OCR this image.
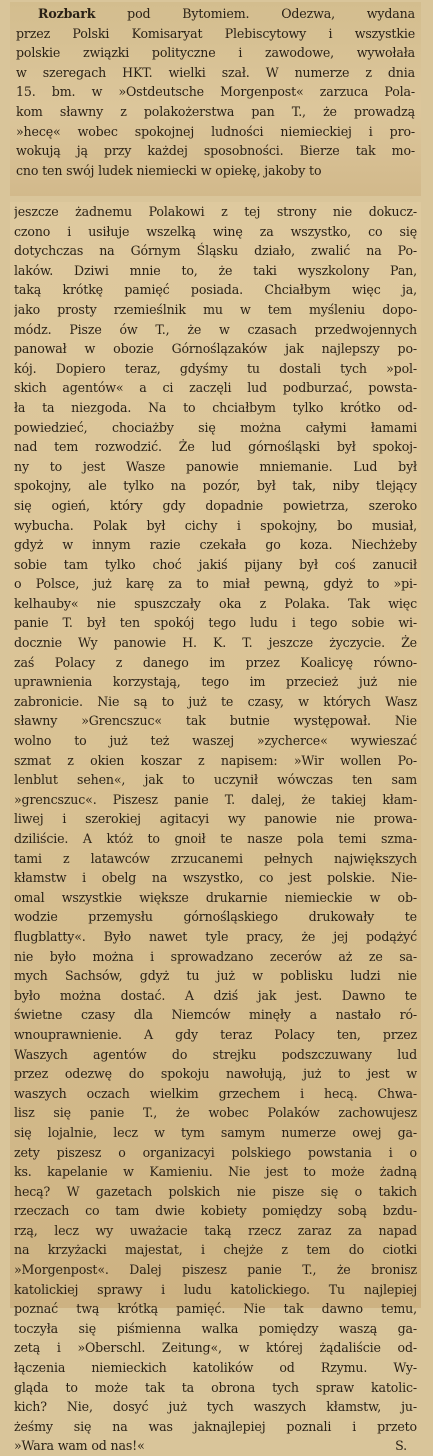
Rozbark pod Bytomiem. Odezwa, wydana
przez Polski Komisaryat Plebiscytowy i wszystkie
polskie związki polityczne i zawodowe, wywołała
w szeregach HKT. wielki szał. W numerze z dnia
15. bm. w »Ostdeutsche Morgenpost« zarzuca Pola-
kom sławny z polakożerstwa pan T., że prowadzą
»hecę« wobec spokojnej ludności niemieckiej i pro-
wokują ją przy każdej sposobności. Bierze tak mo-
cno ten swój ludek niemiecki w opiekę, jakoby to
jeszcze żadnemu Polakowi z tej strony nie dokucz-
czono i usiłuje wszelką winę za wszystko, co się
dotychczas na Górnym Śląsku działo, zwalić na Po-
laków. Dziwi mnie to, że taki wyszkolony Pan,
taką krótkę pamięć posiada. Chciałbym więc ja,
jako prosty rzemieślnik mu w tem myśleniu dopo-
módz. Pisze ów T., że w czasach przedwojennych
panował w obozie Górnoślązaków jak najlepszy po-
kój. Dopiero teraz, gdyśmy tu dostali tych »pol-
skich agentów« a ci zaczęli lud podburzać, powsta-
ła ta niezgoda. Na to chciałbym tylko krótko od-
powiedzieć, chociażby się można całymi łamami
nad tem rozwodzić. Że lud górnośląski był spokoj-
ny to jest Wasze panowie mniemanie. Lud był
spokojny, ale tylko na pozór, był tak, niby tlejący
się ogień, który gdy dopadnie powietrza, szeroko
wybucha. Polak był cichy i spokojny, bo musiał,
gdyż w innym razie czekała go koza. Niechżeby
sobie tam tylko choć jakiś pijany był coś zanucił
o Polsce, już karę za to miał pewną, gdyż to »pi-
kelhauby« nie spuszczały oka z Polaka. Tak więc
panie T. był ten spokój tego ludu i tego sobie wi-
docznie Wy panowie H. K. T. jeszcze życzycie. Że
zaś Polacy z danego im przez Koalicyę równo-
uprawnienia korzystają, tego im przecież już nie
zabronicie. Nie są to już te czasy, w których Wasz
sławny »Grencszuc« tak butnie występował. Nie
wolno to już też waszej »zycherce« wywieszać
szmat z okien koszar z napisem: »Wir wollen Po-
lenblut sehen«, jak to uczynił wówczas ten sam
»grencszuc«. Piszesz panie T. dalej, że takiej kłam-
liwej i szerokiej agitacyi wy panowie nie prowa-
dziliście. A któż to gnoił te nasze pola temi szma-
tami z latawców zrzucanemi pełnych największych
kłamstw i obelg na wszystko, co jest polskie. Nie-
omal wszystkie większe drukarnie niemieckie w ob-
wodzie przemysłu górnośląskiego drukowały te
flugblatty«. Było nawet tyle pracy, że jej podążyć
nie było można i sprowadzano zecerów aż ze sa-
mych Sachsów, gdyż tu już w poblisku ludzi nie
było można dostać. A dziś jak jest. Dawno te
świetne czasy dla Niemców minęły a nastało ró-
wnouprawnienie. A gdy teraz Polacy ten, przez
Waszych agentów do strejku podszczuwany lud
przez odezwę do spokoju nawołują, już to jest w
waszych oczach wielkim grzechem i hecą. Chwa-
lisz się panie T., że wobec Polaków zachowujesz
się lojalnie, lecz w tym samym numerze owej ga-
zety piszesz o organizacyi polskiego powstania i o
ks. kapelanie w Kamieniu. Nie jest to może żadną
hecą? W gazetach polskich nie pisze się o takich
rzeczach co tam dwie kobiety pomiędzy sobą bzdu-
rzą, lecz wy uważacie taką rzecz zaraz za napad
na krzyżacki majestat, i chejże z tem do ciotki
»Morgenpost«. Dalej piszesz panie T., że bronisz
katolickiej sprawy i ludu katolickiego. Tu najlepiej
poznać twą krótką pamięć. Nie tak dawno temu,
toczyła się piśmienna walka pomiędzy waszą ga-
zetą i »Oberschl. Zeitung«, w której żądaliście od-
łączenia niemieckich katolików od Rzymu. Wy-
gląda to może tak ta obrona tych spraw katolic-
kich? Nie, dosyć już tych waszych kłamstw, ju-
żeśmy się na was jaknajlepiej poznali i przeto
»Wara wam od nas!«	S.
